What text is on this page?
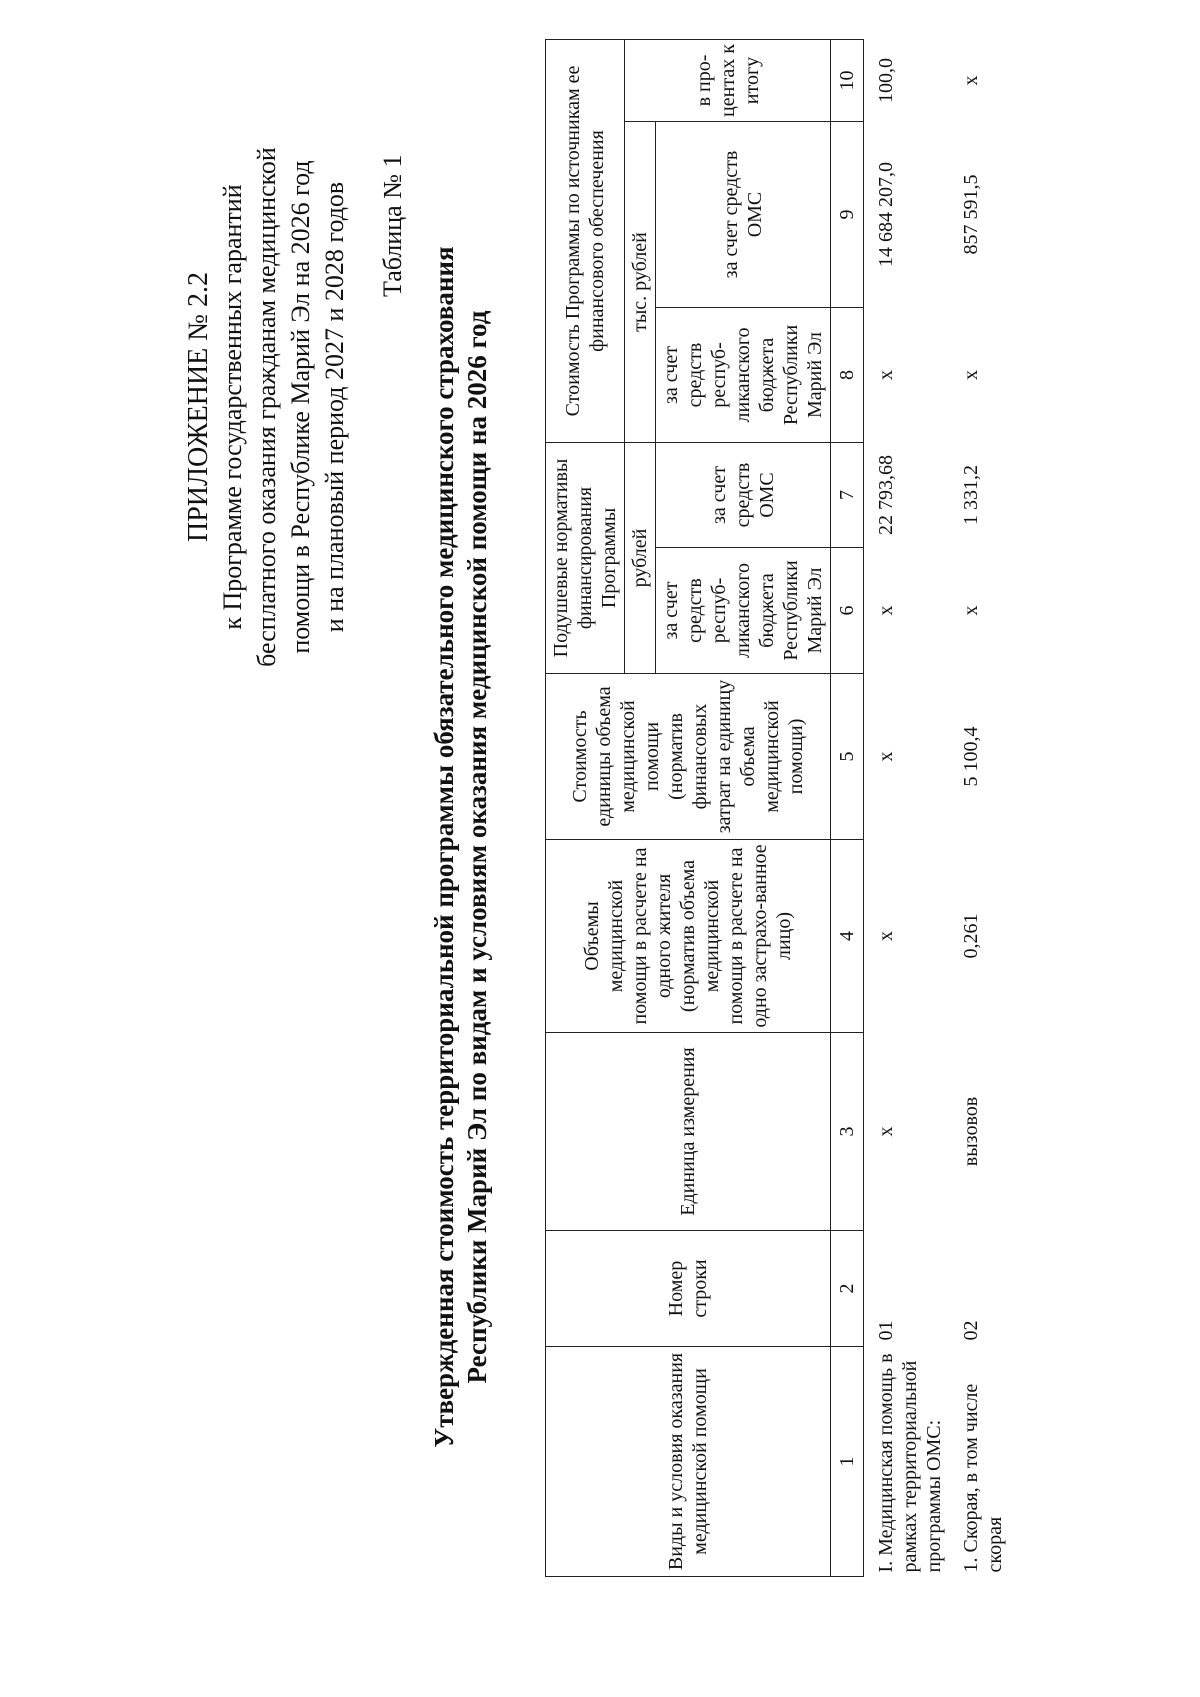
ПРИЛОЖЕНИЕ № 2.2 к Программе государственных гарантий бесплатного оказания гражданам медицинской помощи в Республике Марий Эл на 2026 год и на плановый период 2027 и 2028 годов Таблица № 1
Утвержденная стоимость территориальной программы обязательного медицинского страхования Республики Марий Эл по видам и условиям оказания медицинской помощи на 2026 год
Виды и условия оказания медицинской помощи	Номер строки	Единица измерения	Объемы медицинской помощи в расчете на одного жителя (норматив объема медицинской помощи в расчете на одно застрахо-ванное лицо)	Стоимость единицы объема медицинской помощи (норматив финансовых затрат на единицу объема медицинской помощи)	Подушевые нормативы финансирования Программы		Стоимость Программы по источникам ее финансового обеспечения		
					рублей		тыс. рублей		в про-центах к итогу
					за счет средств респуб-ликанского бюджета Республики Марий Эл	за счет средств ОМС	за счет средств респуб-ликанского бюджета Республики Марий Эл	за счет средств ОМС	
1	2	3	4	5	6	7	8	9	10
I. Медицинская помощь в рамках территориальной программы ОМС:	01	х	х	х	х	22 793,68	х	14 684 207,0	100,0
1. Скорая, в том числе скорая	02	вызовов	0,261	5 100,4	х	1 331,2	х	857 591,5	х
